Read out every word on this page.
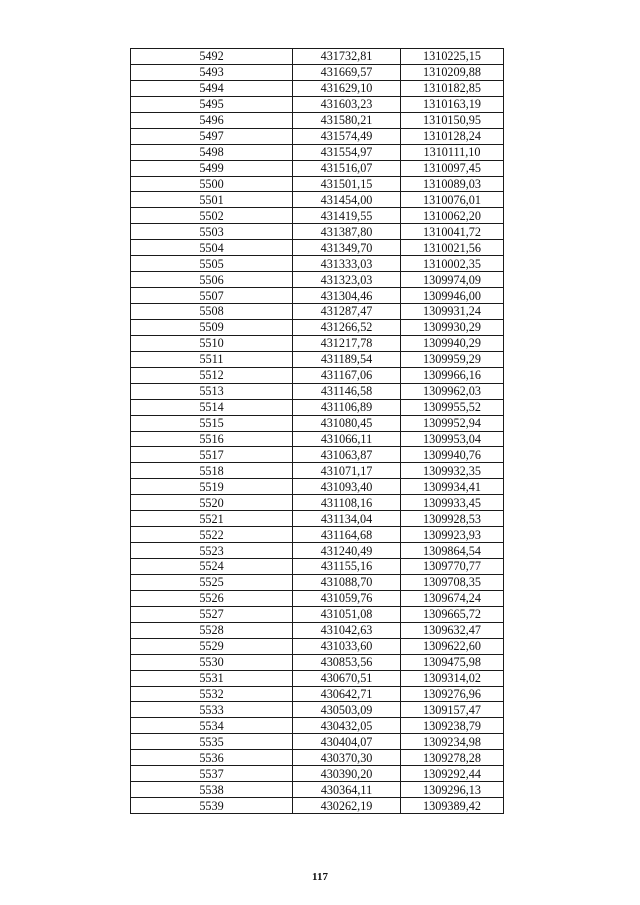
5492	431732,81	1310225,15
5493	431669,57	1310209,88
5494	431629,10	1310182,85
5495	431603,23	1310163,19
5496	431580,21	1310150,95
5497	431574,49	1310128,24
5498	431554,97	1310111,10
5499	431516,07	1310097,45
5500	431501,15	1310089,03
5501	431454,00	1310076,01
5502	431419,55	1310062,20
5503	431387,80	1310041,72
5504	431349,70	1310021,56
5505	431333,03	1310002,35
5506	431323,03	1309974,09
5507	431304,46	1309946,00
5508	431287,47	1309931,24
5509	431266,52	1309930,29
5510	431217,78	1309940,29
5511	431189,54	1309959,29
5512	431167,06	1309966,16
5513	431146,58	1309962,03
5514	431106,89	1309955,52
5515	431080,45	1309952,94
5516	431066,11	1309953,04
5517	431063,87	1309940,76
5518	431071,17	1309932,35
5519	431093,40	1309934,41
5520	431108,16	1309933,45
5521	431134,04	1309928,53
5522	431164,68	1309923,93
5523	431240,49	1309864,54
5524	431155,16	1309770,77
5525	431088,70	1309708,35
5526	431059,76	1309674,24
5527	431051,08	1309665,72
5528	431042,63	1309632,47
5529	431033,60	1309622,60
5530	430853,56	1309475,98
5531	430670,51	1309314,02
5532	430642,71	1309276,96
5533	430503,09	1309157,47
5534	430432,05	1309238,79
5535	430404,07	1309234,98
5536	430370,30	1309278,28
5537	430390,20	1309292,44
5538	430364,11	1309296,13
5539	430262,19	1309389,42
117
